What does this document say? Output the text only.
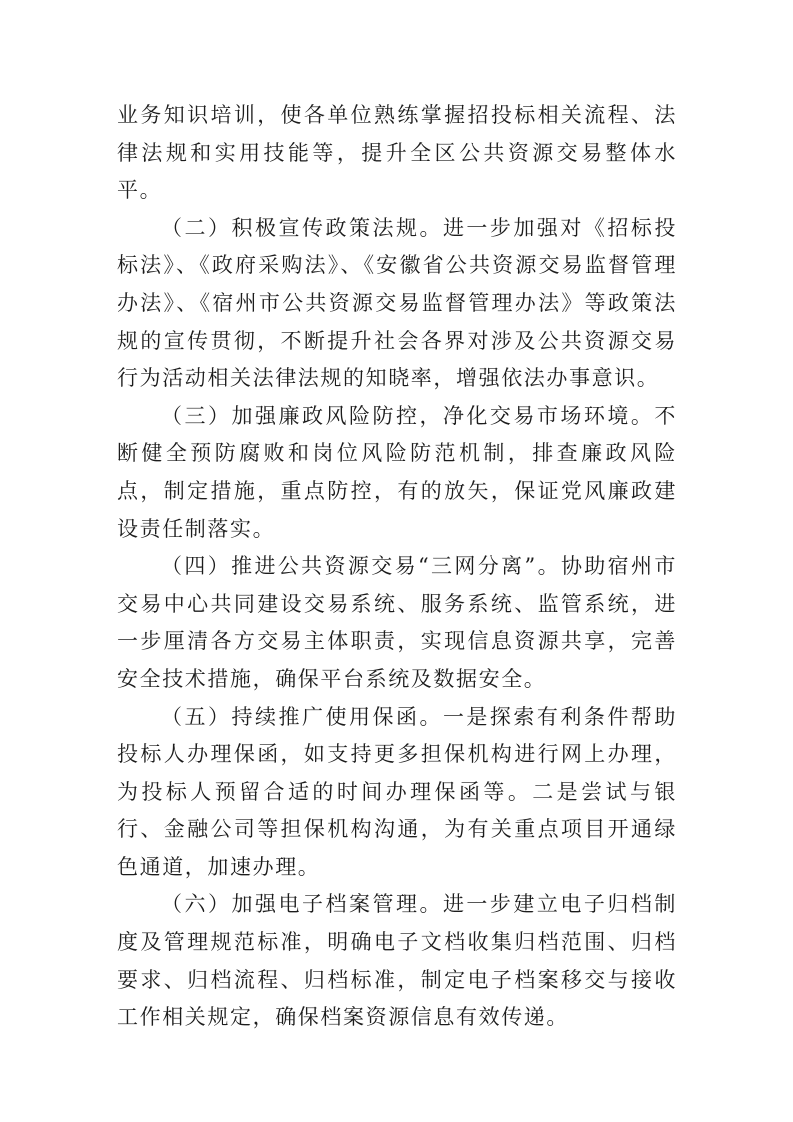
业务知识培训，使各单位熟练掌握招投标相关流程、法律法规和实用技能等，提升全区公共资源交易整体水平。

（二）积极宣传政策法规。进一步加强对《招标投标法》、《政府采购法》、《安徽省公共资源交易监督管理办法》、《宿州市公共资源交易监督管理办法》等政策法规的宣传贯彻，不断提升社会各界对涉及公共资源交易行为活动相关法律法规的知晓率，增强依法办事意识。

（三）加强廉政风险防控，净化交易市场环境。不断健全预防腐败和岗位风险防范机制，排查廉政风险点，制定措施，重点防控，有的放矢，保证党风廉政建设责任制落实。

（四）推进公共资源交易“三网分离”。协助宿州市交易中心共同建设交易系统、服务系统、监管系统，进一步厘清各方交易主体职责，实现信息资源共享，完善安全技术措施，确保平台系统及数据安全。

（五）持续推广使用保函。一是探索有利条件帮助投标人办理保函，如支持更多担保机构进行网上办理，为投标人预留合适的时间办理保函等。二是尝试与银行、金融公司等担保机构沟通，为有关重点项目开通绿色通道，加速办理。

（六）加强电子档案管理。进一步建立电子归档制度及管理规范标准，明确电子文档收集归档范围、归档要求、归档流程、归档标准，制定电子档案移交与接收工作相关规定，确保档案资源信息有效传递。
